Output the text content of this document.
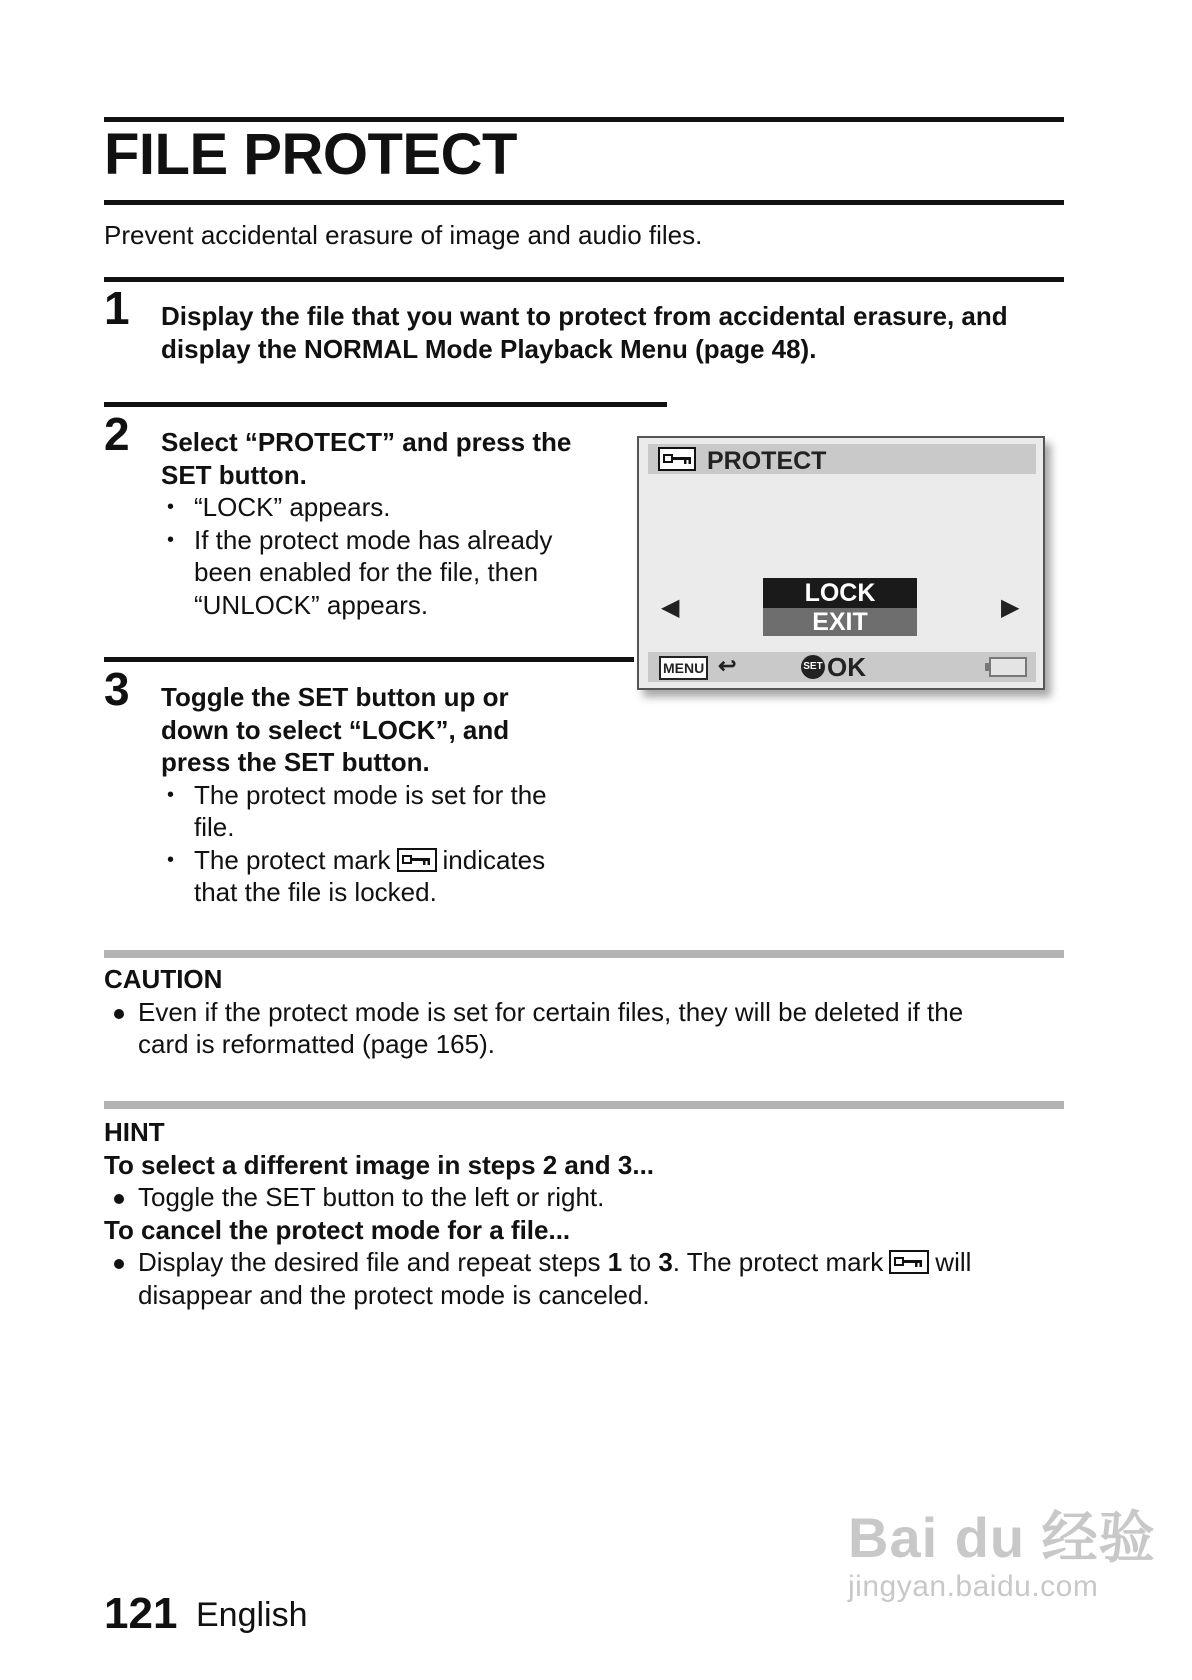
FILE PROTECT
Prevent accidental erasure of image and audio files.
1 Display the file that you want to protect from accidental erasure, and
display the NORMAL Mode Playback Menu (page 48).
2 Select “PROTECT” and press the
SET button.
• “LOCK” appears.
• If the protect mode has already
been enabled for the file, then
“UNLOCK” appears.
PROTECT
◀
LOCK
EXIT
▶
MENU ↩	SET OK
3 Toggle the SET button up or
down to select “LOCK”, and
press the SET button.
• The protect mode is set for the
file.
• The protect mark indicates
that the file is locked.
CAUTION
Even if the protect mode is set for certain files, they will be deleted if the
card is reformatted (page 165).
HINT
To select a different image in steps 2 and 3...
Toggle the SET button to the left or right.
To cancel the protect mode for a file...
Display the desired file and repeat steps 1 to 3. The protect mark will
disappear and the protect mode is canceled.
121 English
Bai du 经验
jingyan.baidu.com
